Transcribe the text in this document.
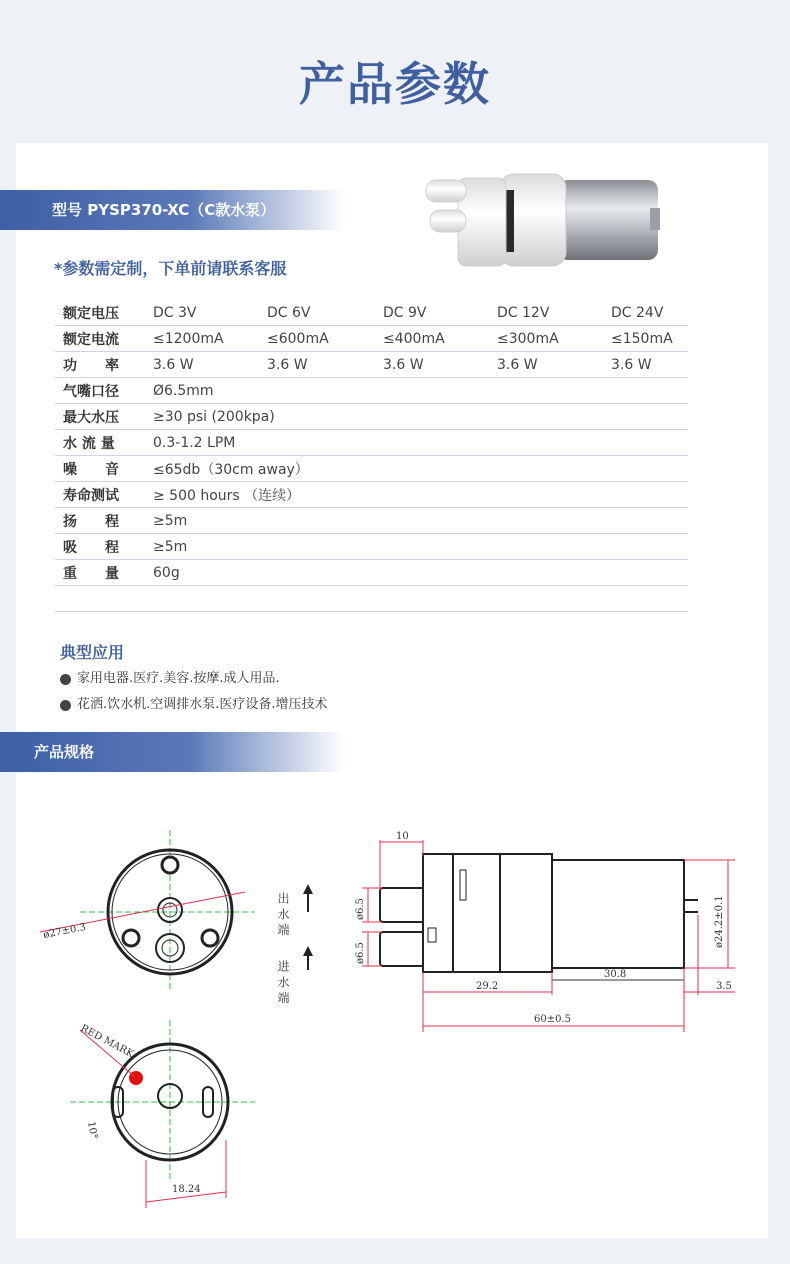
产品参数
型号 PYSP370-XC（C款水泵）
*参数需定制，下单前请联系客服
额定电压	DC 3V	DC 6V	DC 9V	DC 12V	DC 24V
额定电流	≤1200mA	≤600mA	≤400mA	≤300mA	≤150mA
功　　率	3.6 W	3.6 W	3.6 W	3.6 W	3.6 W
气嘴口径	Ø6.5mm				
最大水压	≥30 psi (200kpa)				
水 流 量	0.3-1.2 LPM				
噪　　音	≤65db（30cm away）				
寿命测试	≥ 500 hours （连续）				
扬　　程	≥5m				
吸　　程	≥5m				
重　　量	60g				
典型应用
家用电器.医疗.美容.按摩.成人用品.
花洒.饮水机.空调排水泵.医疗设备.增压技术
产品规格
ø27±0.3	出 水 端
进 水 端
10
ø6.5
ø6.5
ø24.2±0.1
30.8
29.2	3.5
60±0.5
RED MARK
18.24
10°
